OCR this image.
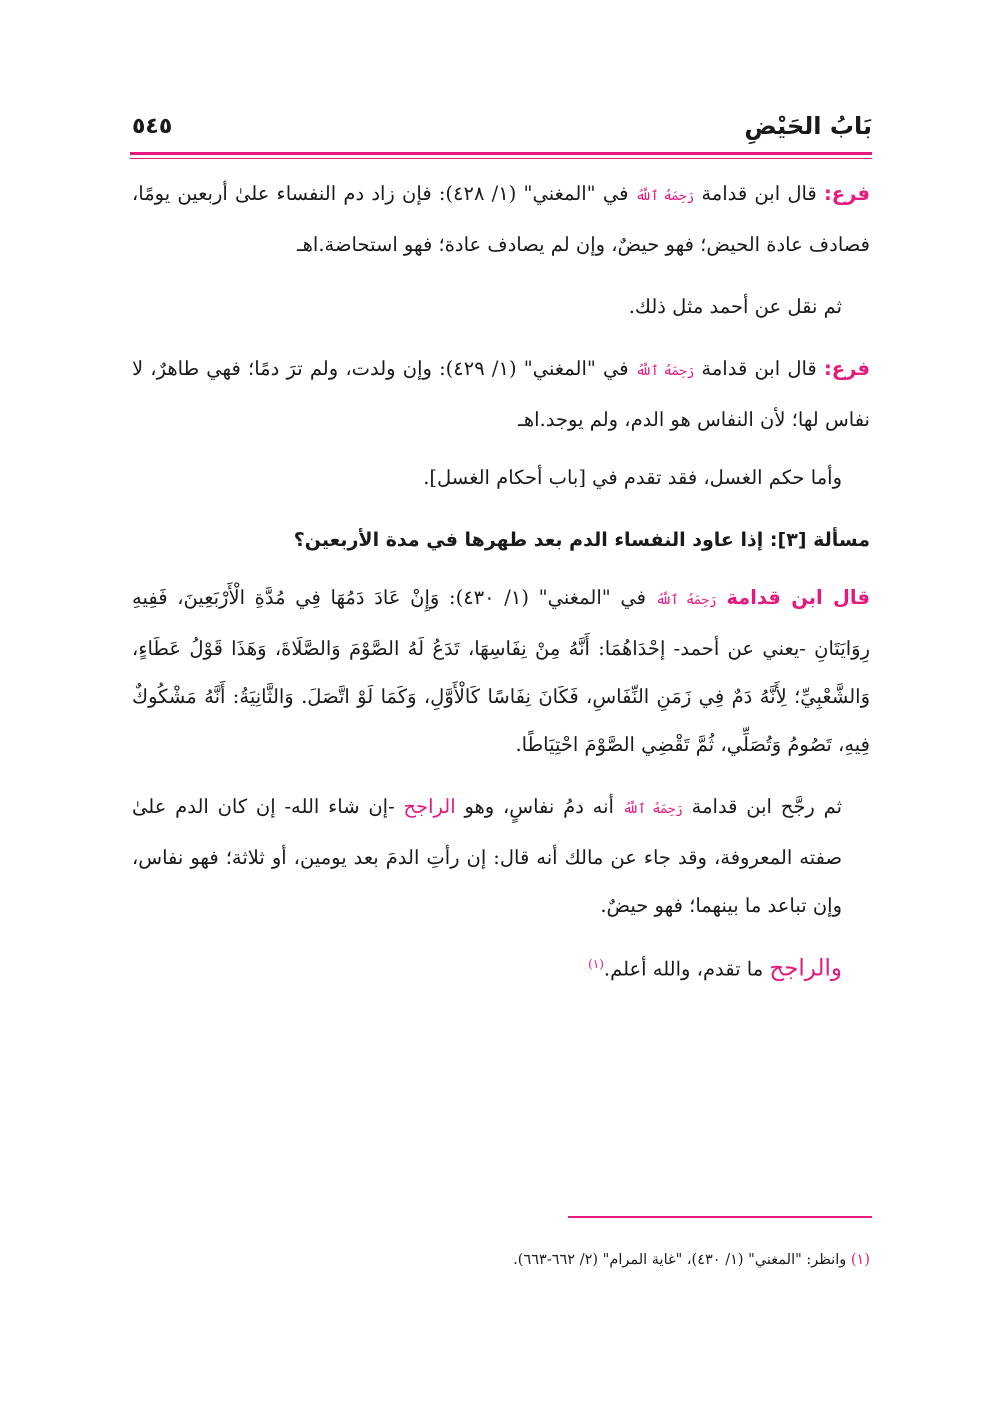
بَابُ الحَيْضِ
٥٤٥

فرع: قال ابن قدامة رَحِمَهُ ٱللَّهُ في "المغني" (١/ ٤٢٨): فإن زاد دم النفساء علىٰ أربعين يومًا، فصادف عادة الحيض؛ فهو حيضٌ، وإن لم يصادف عادة؛ فهو استحاضة.اهـ

ثم نقل عن أحمد مثل ذلك.

فرع: قال ابن قدامة رَحِمَهُ ٱللَّهُ في "المغني" (١/ ٤٢٩): وإن ولدت، ولم ترَ دمًا؛ فهي طاهرٌ، لا نفاس لها؛ لأن النفاس هو الدم، ولم يوجد.اهـ

وأما حكم الغسل، فقد تقدم في [باب أحكام الغسل].

مسألة [٣]: إذا عاود النفساء الدم بعد طهرها في مدة الأربعين؟

قال ابن قدامة رَحِمَهُ ٱللَّهُ في "المغني" (١/ ٤٣٠): وَإِنْ عَادَ دَمُهَا فِي مُدَّةِ الْأَرْبَعِينَ، فَفِيهِ رِوَايَتَانِ -يعني عن أحمد- إحْدَاهُمَا: أَنَّهُ مِنْ نِفَاسِهَا، تَدَعُ لَهُ الصَّوْمَ وَالصَّلَاةَ، وَهَذَا قَوْلُ عَطَاءٍ، وَالشَّعْبِيِّ؛ لِأَنَّهُ دَمٌ فِي زَمَنِ النِّفَاسِ، فَكَانَ نِفَاسًا كَالْأَوَّلِ، وَكَمَا لَوْ اتَّصَلَ. وَالثَّانِيَةُ: أَنَّهُ مَشْكُوكٌ فِيهِ، تَصُومُ وَتُصَلِّي، ثُمَّ تَقْضِي الصَّوْمَ احْتِيَاطًا.

ثم رجَّح ابن قدامة رَحِمَهُ ٱللَّهُ أنه دمُ نفاسٍ، وهو الراجح -إن شاء الله- إن كان الدم علىٰ صفته المعروفة، وقد جاء عن مالك أنه قال: إن رأتِ الدمَ بعد يومين، أو ثلاثة؛ فهو نفاس، وإن تباعد ما بينهما؛ فهو حيضٌ.

والراجح ما تقدم، والله أعلم.$^{(١)}$

(١) وانظر: "المغني" (١/ ٤٣٠)، "غاية المرام" (٢/ ٦٦٢-٦٦٣).
